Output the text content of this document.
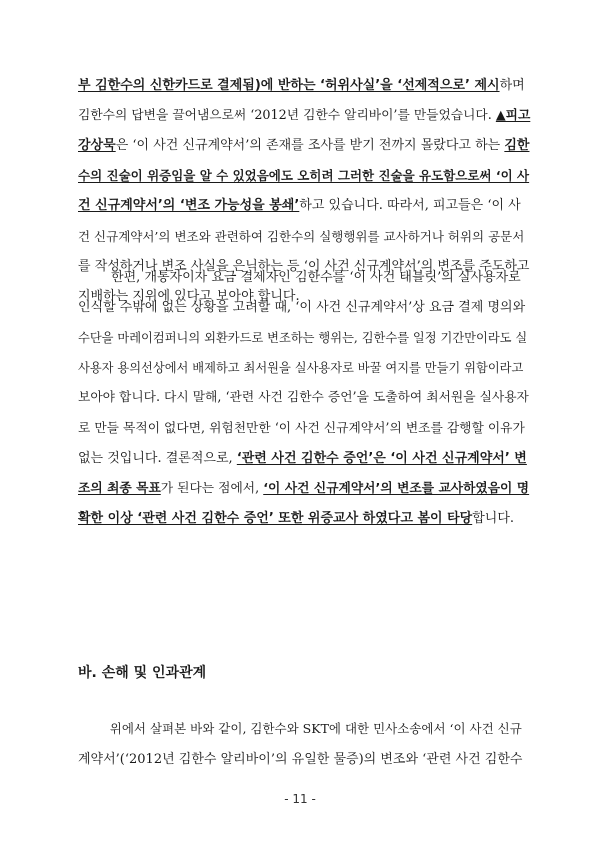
부 김한수의 신한카드로 결제됨)에 반하는 ‘허위사실’을 ‘선제적으로’ 제시하며
김한수의 답변을 끌어냄으로써 ‘2012년 김한수 알리바이’를 만들었습니다. ▲피고
강상묵은 ‘이 사건 신규계약서’의 존재를 조사를 받기 전까지 몰랐다고 하는 김한
수의 진술이 위증임을 알 수 있었음에도 오히려 그러한 진술을 유도함으로써 ‘이 사
건 신규계약서’의 ‘변조 가능성을 봉쇄’하고 있습니다. 따라서, 피고들은 ‘이 사
건 신규계약서’의 변조와 관련하여 김한수의 실행행위를 교사하거나 허위의 공문서
를 작성하거나 변조 사실을 은닉하는 등 ‘이 사건 신규계약서’의 변조를 주도하고
지배하는 지위에 있다고 보아야 합니다.
한편, 개통자이자 요금 결제자인 김한수를 ‘이 사건 태블릿’의 실사용자로
인식할 수밖에 없는 상황을 고려할 때, ‘이 사건 신규계약서’상 요금 결제 명의와
수단을 마레이컴퍼니의 외환카드로 변조하는 행위는, 김한수를 일정 기간만이라도 실
사용자 용의선상에서 배제하고 최서원을 실사용자로 바꿀 여지를 만들기 위함이라고
보아야 합니다. 다시 말해, ‘관련 사건 김한수 증언’을 도출하여 최서원을 실사용자
로 만들 목적이 없다면, 위험천만한 ‘이 사건 신규계약서’의 변조를 감행할 이유가
없는 것입니다. 결론적으로, ‘관련 사건 김한수 증언’은 ‘이 사건 신규계약서’ 변
조의 최종 목표가 된다는 점에서, ‘이 사건 신규계약서’의 변조를 교사하였음이 명
확한 이상 ‘관련 사건 김한수 증언’ 또한 위증교사 하였다고 봄이 타당합니다.
바. 손해 및 인과관계
위에서 살펴본 바와 같이, 김한수와 SKT에 대한 민사소송에서 ‘이 사건 신규
계약서’(‘2012년 김한수 알리바이’의 유일한 물증)의 변조와 ‘관련 사건 김한수
- 11 -
